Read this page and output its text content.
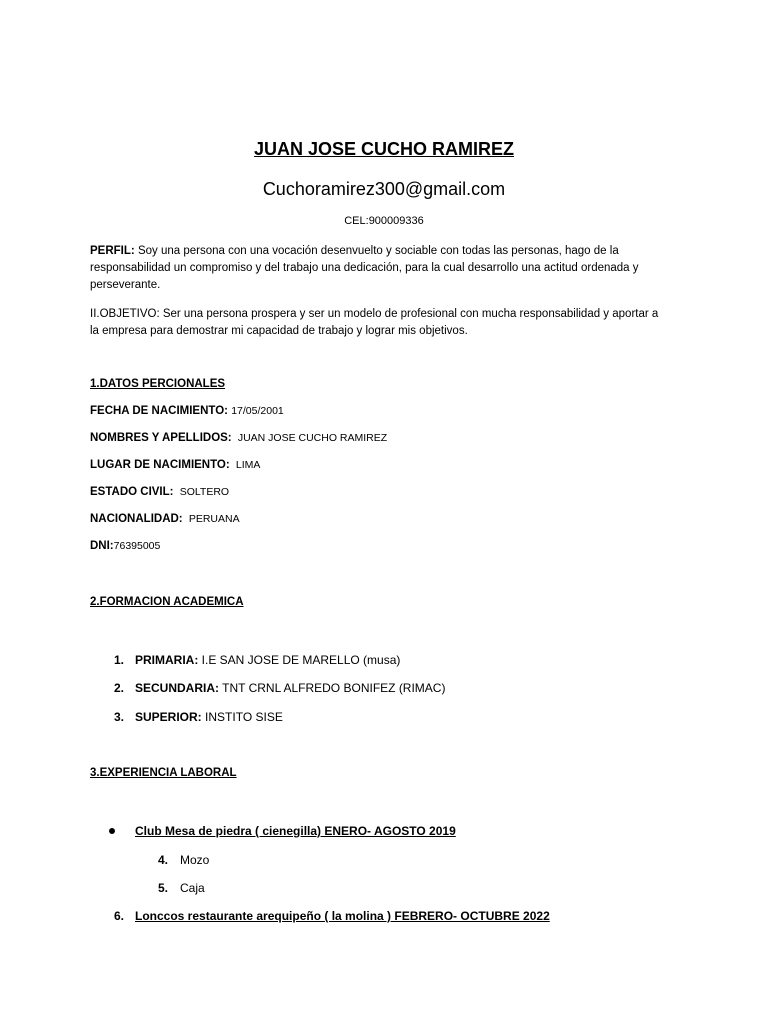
JUAN JOSE CUCHO RAMIREZ
Cuchoramirez300@gmail.com
CEL:900009336
PERFIL: Soy una persona con una vocación desenvuelto y sociable con todas las personas, hago de la responsabilidad un compromiso y del trabajo una dedicación, para la cual desarrollo una actitud ordenada y perseverante.
II.OBJETIVO: Ser una persona prospera y ser un modelo de profesional con mucha responsabilidad y aportar a la empresa para demostrar mi capacidad de trabajo y lograr mis objetivos.
1.DATOS PERCIONALES
FECHA DE NACIMIENTO: 17/05/2001
NOMBRES Y APELLIDOS: JUAN JOSE CUCHO RAMIREZ
LUGAR DE NACIMIENTO: LIMA
ESTADO CIVIL: SOLTERO
NACIONALIDAD: PERUANA
DNI:76395005
2.FORMACION ACADEMICA
1. PRIMARIA: I.E SAN JOSE DE MARELLO (musa)
2. SECUNDARIA: TNT CRNL ALFREDO BONIFEZ (RIMAC)
3. SUPERIOR: INSTITO SISE
3.EXPERIENCIA LABORAL
Club Mesa de piedra ( cienegilla) ENERO- AGOSTO 2019
4. Mozo
5. Caja
6. Lonccos restaurante arequipeño ( la molina ) FEBRERO- OCTUBRE 2022
